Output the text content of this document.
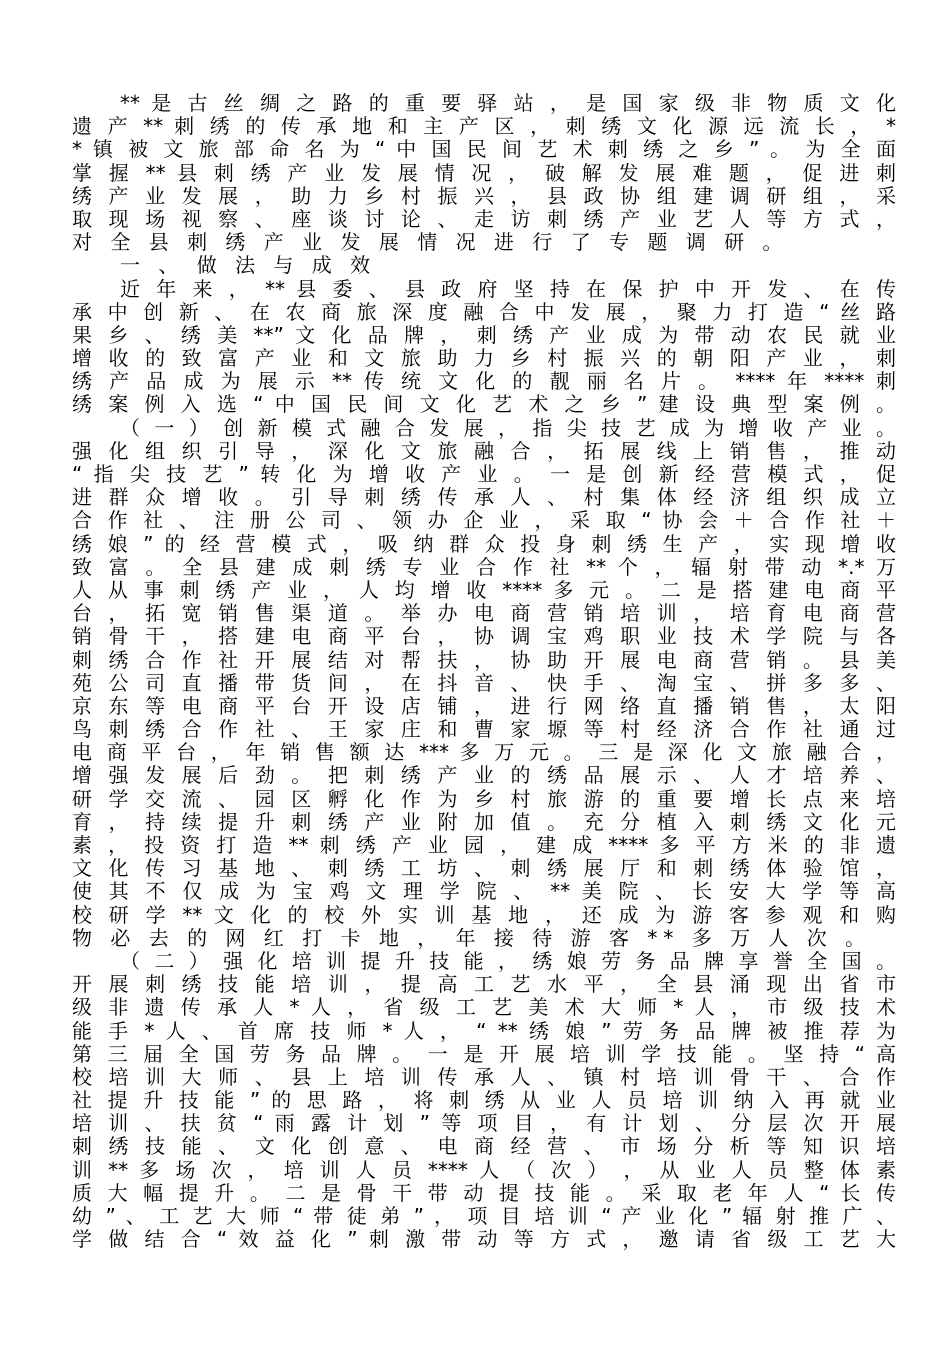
** 是 古 丝 绸 之 路 的 重 要 驿 站 ， 是 国 家 级 非 物 质 文 化
遗 产 ** 刺 绣 的 传 承 地 和 主 产 区 ， 刺 绣 文 化 源 远 流 长 ， *
* 镇 被 文 旅 部 命 名 为 “ 中 国 民 间 艺 术 刺 绣 之 乡 ” 。 为 全 面
掌 握 ** 县 刺 绣 产 业 发 展 情 况 ， 破 解 发 展 难 题 ， 促 进 刺
绣 产 业 发 展 ， 助 力 乡 村 振 兴 ， 县 政 协 组 建 调 研 组 ， 采
取 现 场 视 察 、 座 谈 讨 论 、 走 访 刺 绣 产 业 艺 人 等 方 式 ，
对 全 县 刺 绣 产 业 发 展 情 况 进 行 了 专 题 调 研 。
一 、 做 法 与 成 效
近 年 来 ， ** 县 委 、 县 政 府 坚 持 在 保 护 中 开 发 、 在 传
承 中 创 新 、 在 农 商 旅 深 度 融 合 中 发 展 ， 聚 力 打 造 “ 丝 路
果 乡 、 绣 美 **” 文 化 品 牌 ， 刺 绣 产 业 成 为 带 动 农 民 就 业
增 收 的 致 富 产 业 和 文 旅 助 力 乡 村 振 兴 的 朝 阳 产 业 ， 刺
绣 产 品 成 为 展 示 ** 传 统 文 化 的 靓 丽 名 片 。 **** 年 **** 刺
绣 案 例 入 选 “ 中 国 民 间 文 化 艺 术 之 乡 ” 建 设 典 型 案 例 。
（ 一 ） 创 新 模 式 融 合 发 展 ， 指 尖 技 艺 成 为 增 收 产 业 。
强 化 组 织 引 导 ， 深 化 文 旅 融 合 ， 拓 展 线 上 销 售 ， 推 动
“ 指 尖 技 艺 ” 转 化 为 增 收 产 业 。 一 是 创 新 经 营 模 式 ， 促
进 群 众 增 收 。 引 导 刺 绣 传 承 人 、 村 集 体 经 济 组 织 成 立
合 作 社 、 注 册 公 司 、 领 办 企 业 ， 采 取 “ 协 会 ＋ 合 作 社 ＋
绣 娘 ” 的 经 营 模 式 ， 吸 纳 群 众 投 身 刺 绣 生 产 ， 实 现 增 收
致 富 。 全 县 建 成 刺 绣 专 业 合 作 社 ** 个 ， 辐 射 带 动 *.* 万
人 从 事 刺 绣 产 业 ， 人 均 增 收 **** 多 元 。 二 是 搭 建 电 商 平
台 ， 拓 宽 销 售 渠 道 。 举 办 电 商 营 销 培 训 ， 培 育 电 商 营
销 骨 干 ， 搭 建 电 商 平 台 ， 协 调 宝 鸡 职 业 技 术 学 院 与 各
刺 绣 合 作 社 开 展 结 对 帮 扶 ， 协 助 开 展 电 商 营 销 。 县 美
苑 公 司 直 播 带 货 间 ， 在 抖 音 、 快 手 、 淘 宝 、 拼 多 多 、
京 东 等 电 商 平 台 开 设 店 铺 ， 进 行 网 络 直 播 销 售 ， 太 阳
鸟 刺 绣 合 作 社 、 王 家 庄 和 曹 家 塬 等 村 经 济 合 作 社 通 过
电 商 平 台 ， 年 销 售 额 达 *** 多 万 元 。 三 是 深 化 文 旅 融 合 ，
增 强 发 展 后 劲 。 把 刺 绣 产 业 的 绣 品 展 示 、 人 才 培 养 、
研 学 交 流 、 园 区 孵 化 作 为 乡 村 旅 游 的 重 要 增 长 点 来 培
育 ， 持 续 提 升 刺 绣 产 业 附 加 值 。 充 分 植 入 刺 绣 文 化 元
素 ， 投 资 打 造 ** 刺 绣 产 业 园 ， 建 成 **** 多 平 方 米 的 非 遗
文 化 传 习 基 地 、 刺 绣 工 坊 、 刺 绣 展 厅 和 刺 绣 体 验 馆 ，
使 其 不 仅 成 为 宝 鸡 文 理 学 院 、 ** 美 院 、 长 安 大 学 等 高
校 研 学 ** 文 化 的 校 外 实 训 基 地 ， 还 成 为 游 客 参 观 和 购
物 必 去 的 网 红 打 卡 地 ， 年 接 待 游 客 ** 多 万 人 次 。
（ 二 ） 强 化 培 训 提 升 技 能 ， 绣 娘 劳 务 品 牌 享 誉 全 国 。
开 展 刺 绣 技 能 培 训 ， 提 高 工 艺 水 平 ， 全 县 涌 现 出 省 市
级 非 遗 传 承 人 * 人 ， 省 级 工 艺 美 术 大 师 * 人 ， 市 级 技 术
能 手 * 人 、 首 席 技 师 * 人 ， “ ** 绣 娘 ” 劳 务 品 牌 被 推 荐 为
第 三 届 全 国 劳 务 品 牌 。 一 是 开 展 培 训 学 技 能 。 坚 持 “ 高
校 培 训 大 师 、 县 上 培 训 传 承 人 、 镇 村 培 训 骨 干 、 合 作
社 提 升 技 能 ” 的 思 路 ， 将 刺 绣 从 业 人 员 培 训 纳 入 再 就 业
培 训 、 扶 贫 “ 雨 露 计 划 ” 等 项 目 ， 有 计 划 、 分 层 次 开 展
刺 绣 技 能 、 文 化 创 意 、 电 商 经 营 、 市 场 分 析 等 知 识 培
训 ** 多 场 次 ， 培 训 人 员 **** 人 （ 次 ） ， 从 业 人 员 整 体 素
质 大 幅 提 升 。 二 是 骨 干 带 动 提 技 能 。 采 取 老 年 人 “ 长 传
幼 ” 、 工 艺 大 师 “ 带 徒 弟 ” ， 项 目 培 训 “ 产 业 化 ” 辐 射 推 广 、
学 做 结 合 “ 效 益 化 ” 刺 激 带 动 等 方 式 ， 邀 请 省 级 工 艺 大
